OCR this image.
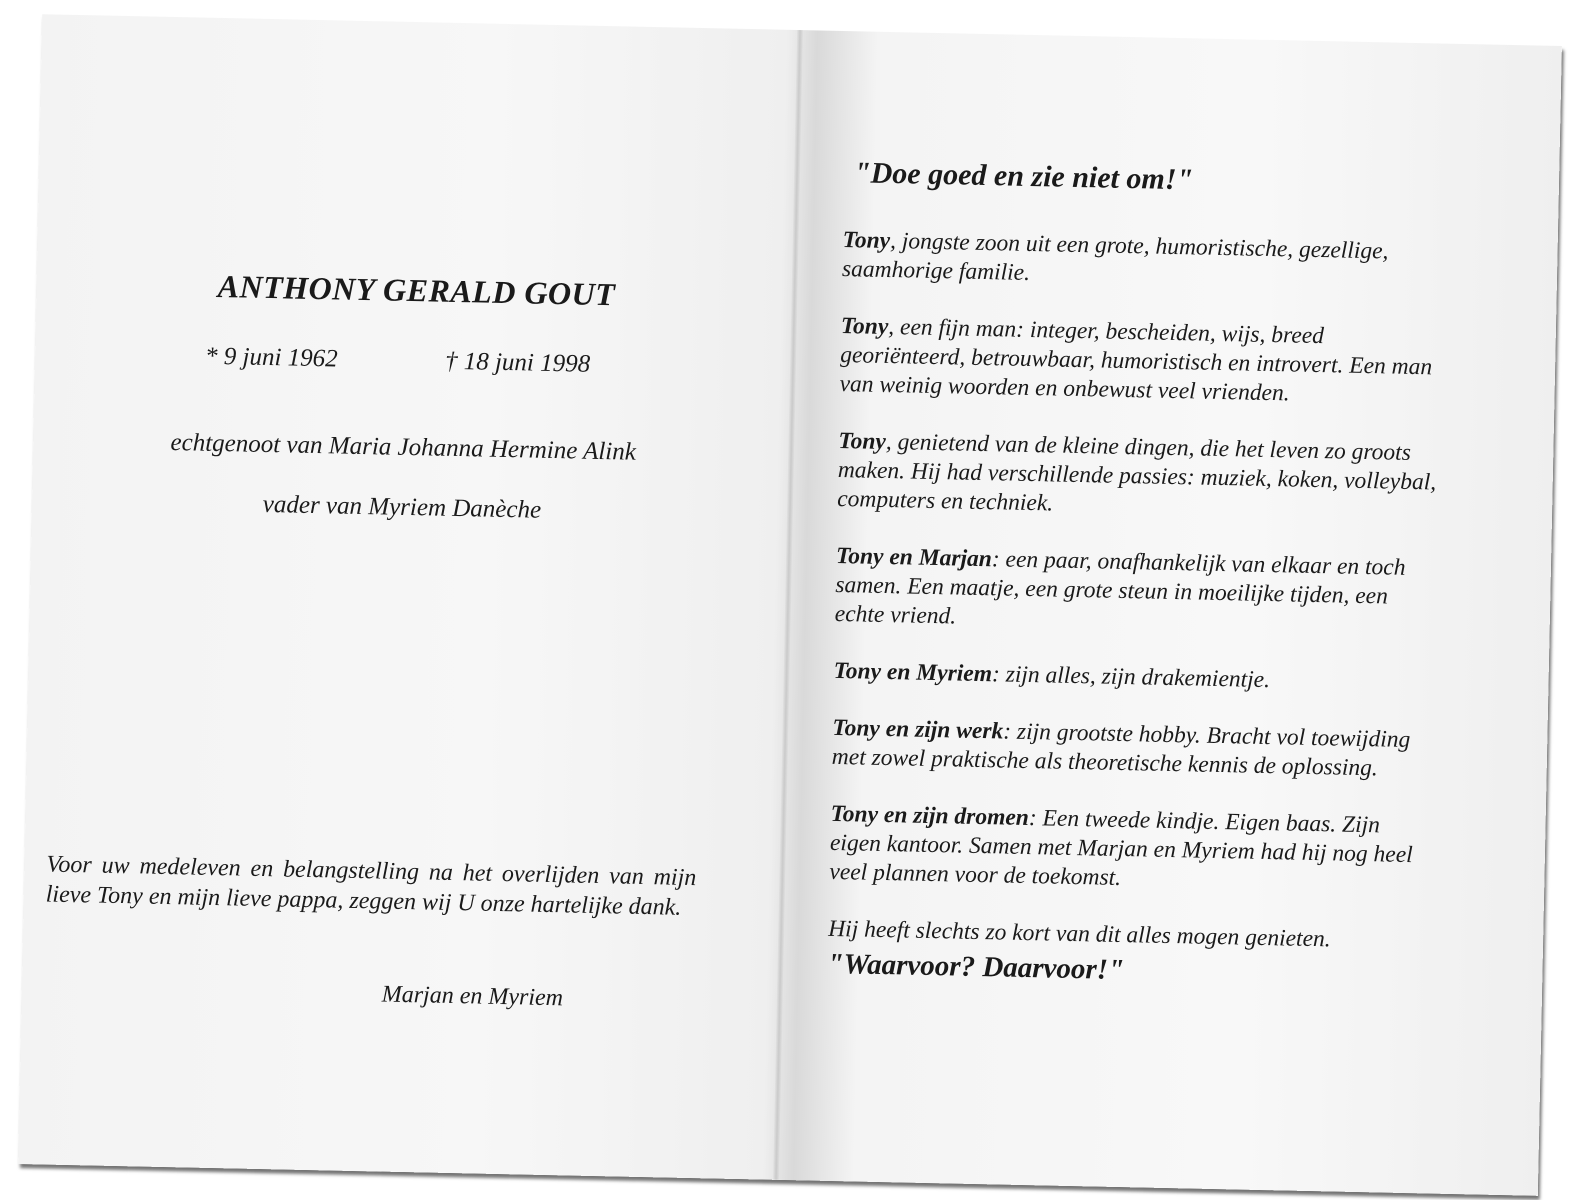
ANTHONY GERALD GOUT
* 9 juni 1962	† 18 juni 1998
echtgenoot van Maria Johanna Hermine Alink
vader van Myriem Danèche
Voor uw medeleven en belangstelling na het overlijden van mijn lieve Tony en mijn lieve pappa, zeggen wij U onze hartelijke dank.
Marjan en Myriem
"Doe goed en zie niet om!"

Tony, jongste zoon uit een grote, humoristische, gezellige, saamhorige familie.

Tony, een fijn man: integer, bescheiden, wijs, breed georiënteerd, betrouwbaar, humoristisch en introvert. Een man van weinig woorden en onbewust veel vrienden.

Tony, genietend van de kleine dingen, die het leven zo groots maken. Hij had verschillende passies: muziek, koken, volleybal, computers en techniek.

Tony en Marjan: een paar, onafhankelijk van elkaar en toch samen. Een maatje, een grote steun in moeilijke tijden, een echte vriend.

Tony en Myriem: zijn alles, zijn drakemientje.

Tony en zijn werk: zijn grootste hobby. Bracht vol toewijding met zowel praktische als theoretische kennis de oplossing.

Tony en zijn dromen: Een tweede kindje. Eigen baas. Zijn eigen kantoor. Samen met Marjan en Myriem had hij nog heel veel plannen voor de toekomst.

Hij heeft slechts zo kort van dit alles mogen genieten.
"Waarvoor? Daarvoor!"
